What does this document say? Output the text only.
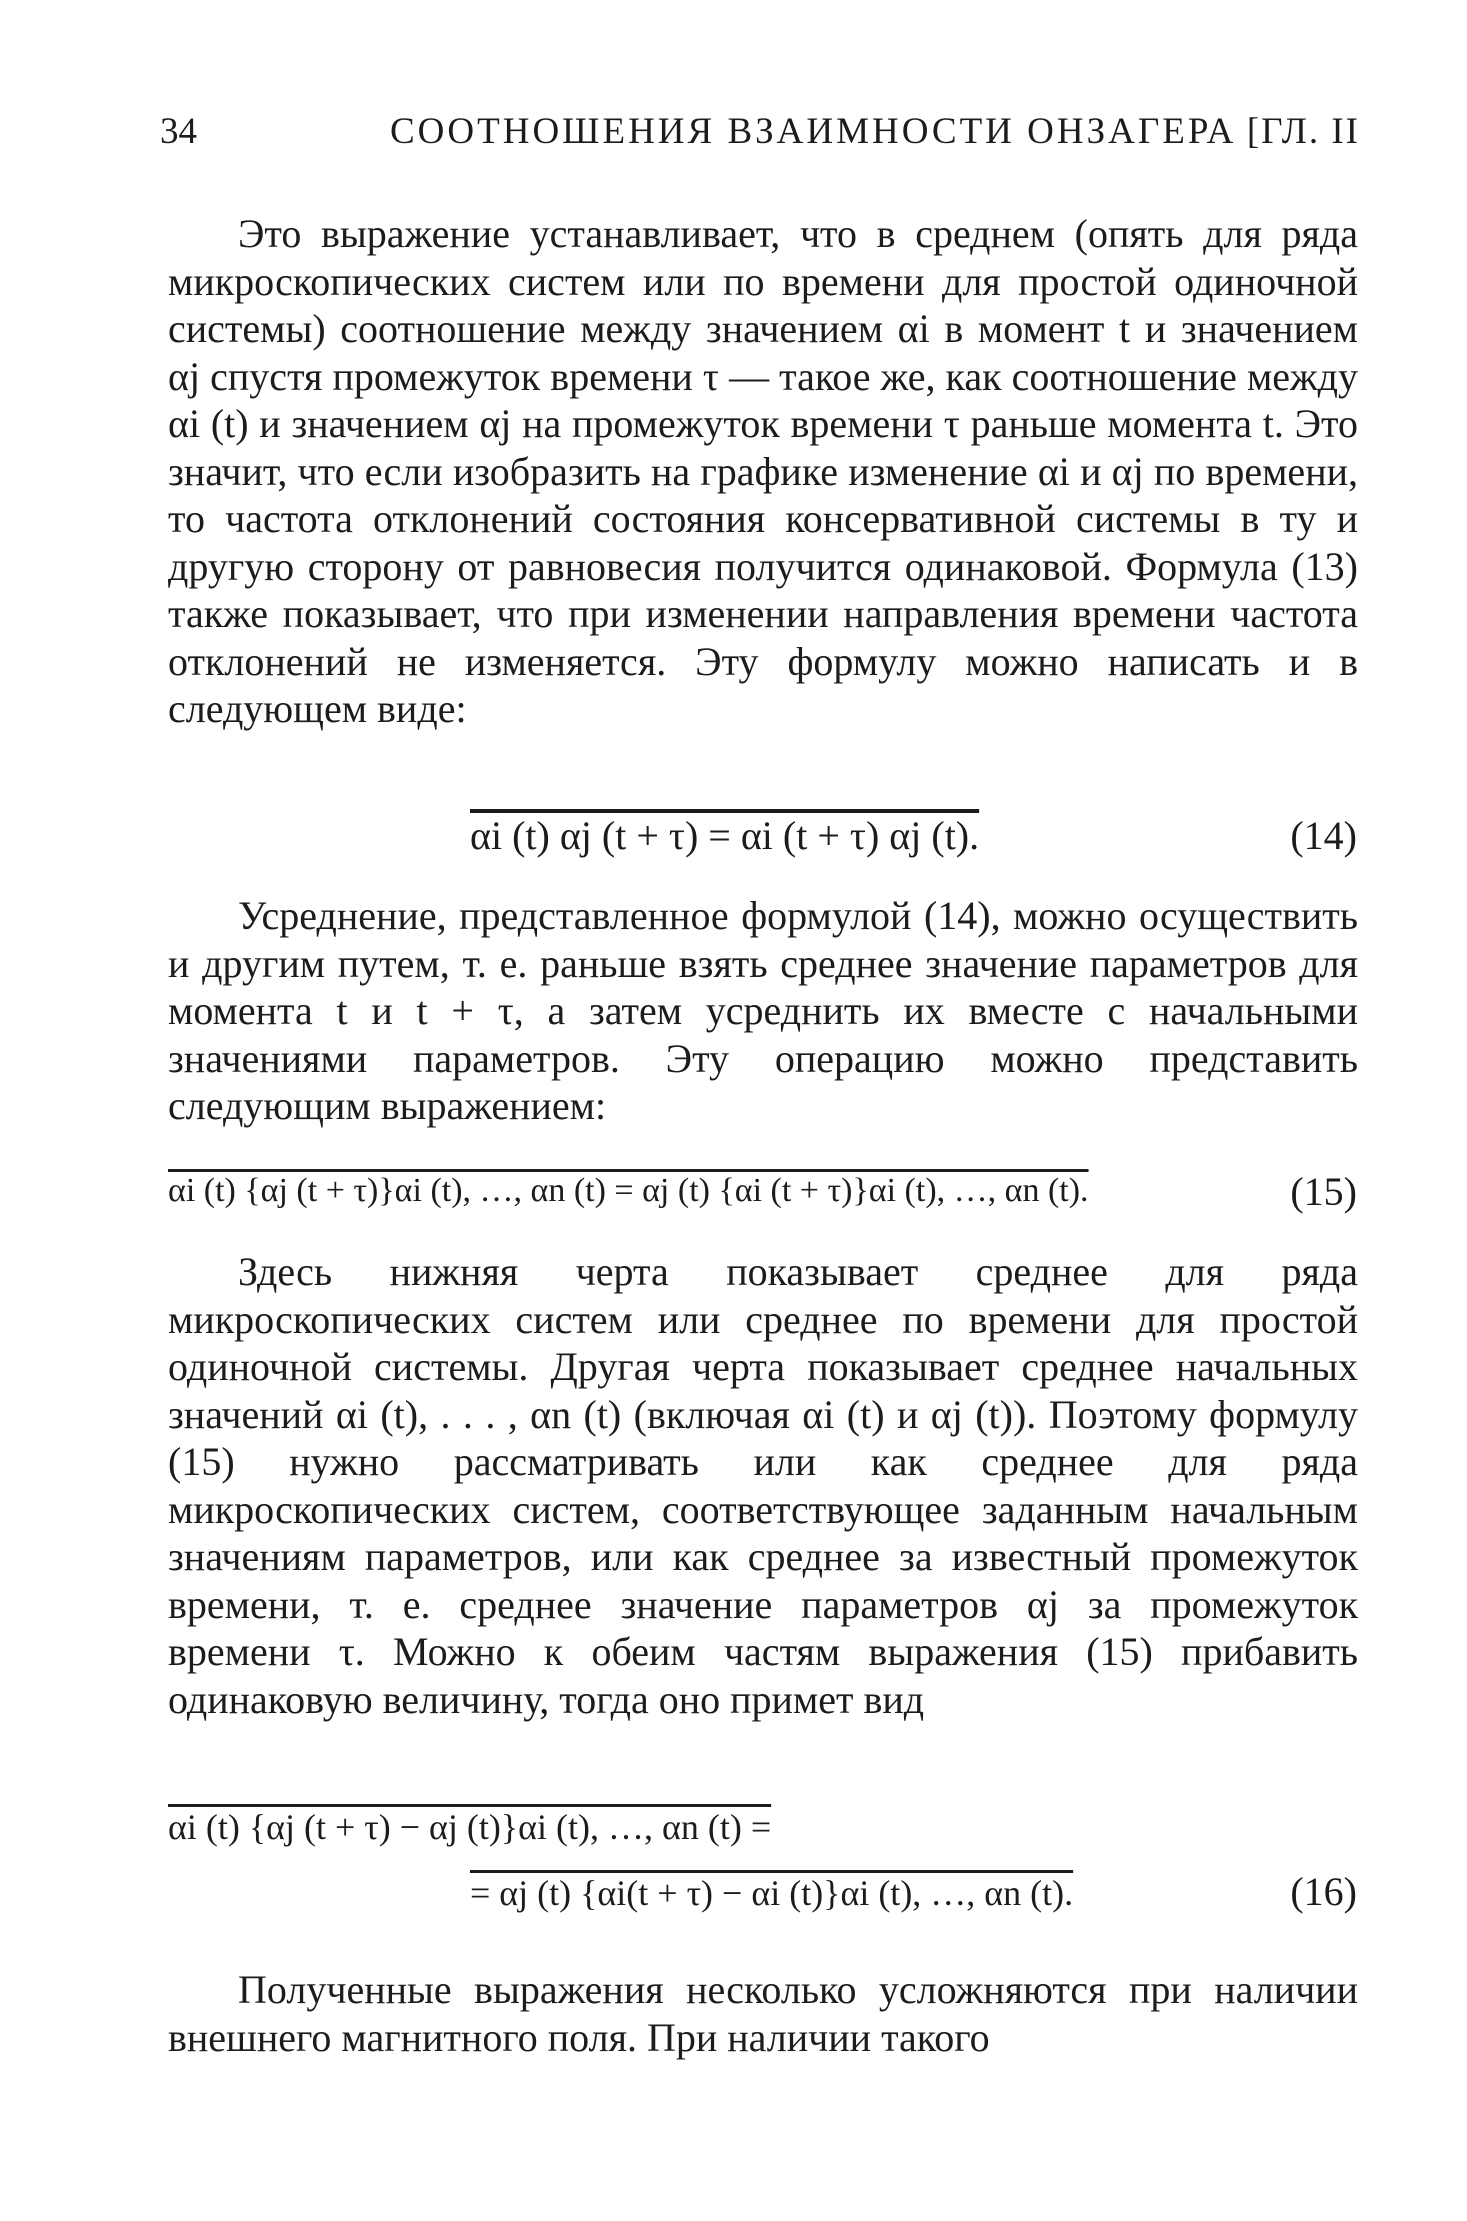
34	СООТНОШЕНИЯ ВЗАИМНОСТИ ОНЗАГЕРА [ГЛ. II

Это выражение устанавливает, что в среднем (опять для ряда микроскопических систем или по времени для простой одиночной системы) соотношение между значением αi в момент t и значением αj спустя промежуток времени τ — такое же, как соотношение между αi (t) и значением αj на промежуток времени τ раньше момента t. Это значит, что если изобразить на графике изменение αi и αj по времени, то частота отклонений состояния консервативной системы в ту и другую сторону от равновесия получится одинаковой. Формула (13) также показывает, что при изменении направления времени частота отклонений не изменяется. Эту формулу можно написать и в следующем виде:

αi (t) αj (t + τ) = αi (t + τ) αj (t).	(14)

Усреднение, представленное формулой (14), можно осуществить и другим путем, т. е. раньше взять среднее значение параметров для момента t и t + τ, а затем усреднить их вместе с начальными значениями параметров. Эту операцию можно представить следующим выражением:

αi (t) {αj (t + τ)}αi (t), …, αn (t) = αj (t) {αi (t + τ)}αi (t), …, αn (t).	(15)

Здесь нижняя черта показывает среднее для ряда микроскопических систем или среднее по времени для простой одиночной системы. Другая черта показывает среднее начальных значений αi (t), . . . , αn (t) (включая αi (t) и αj (t)). Поэтому формулу (15) нужно рассматривать или как среднее для ряда микроскопических систем, соответствующее заданным начальным значениям параметров, или как среднее за известный промежуток времени, т. е. среднее значение параметров αj за промежуток времени τ. Можно к обеим частям выражения (15) прибавить одинаковую величину, тогда оно примет вид

αi (t) {αj (t + τ) − αj (t)}αi (t), …, αn (t) =
= αj (t) {αi(t + τ) − αi (t)}αi (t), …, αn (t).	(16)

Полученные выражения несколько усложняются при наличии внешнего магнитного поля. При наличии такого
